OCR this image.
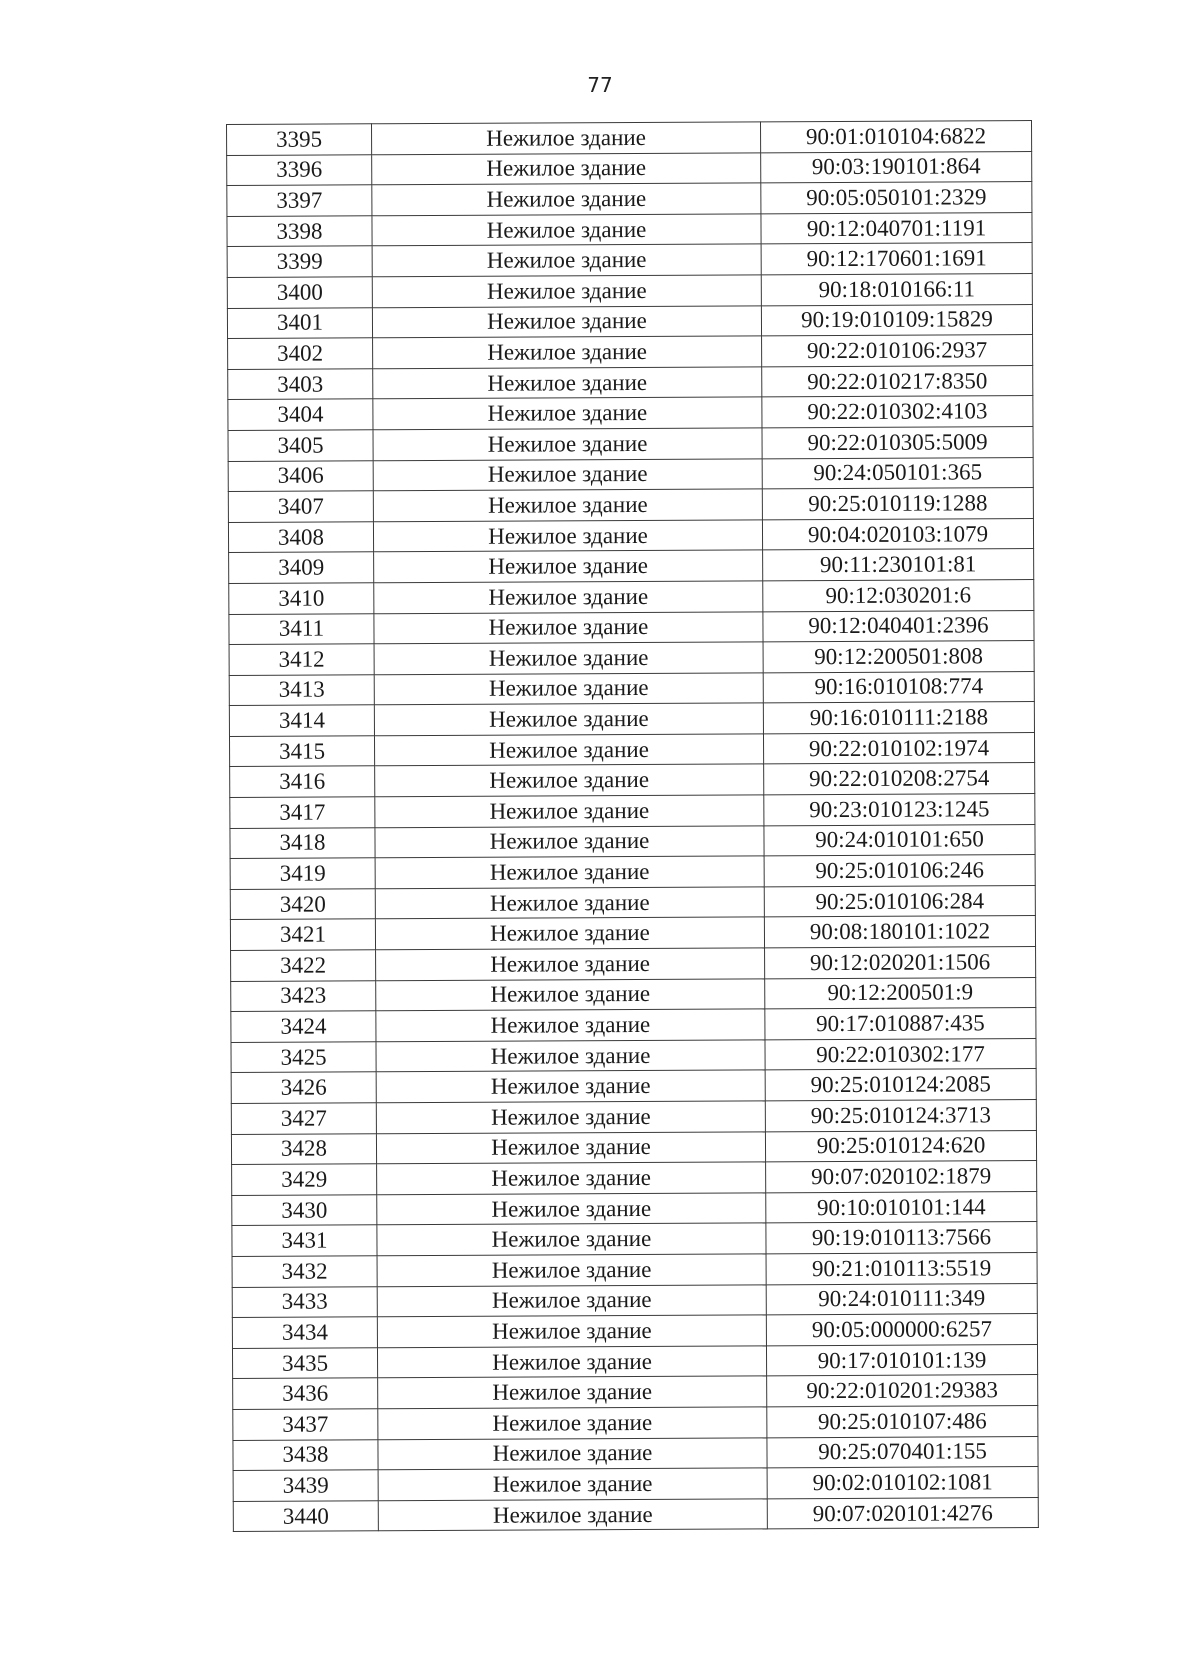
77
3395	Нежилое здание	90:01:010104:6822
3396	Нежилое здание	90:03:190101:864
3397	Нежилое здание	90:05:050101:2329
3398	Нежилое здание	90:12:040701:1191
3399	Нежилое здание	90:12:170601:1691
3400	Нежилое здание	90:18:010166:11
3401	Нежилое здание	90:19:010109:15829
3402	Нежилое здание	90:22:010106:2937
3403	Нежилое здание	90:22:010217:8350
3404	Нежилое здание	90:22:010302:4103
3405	Нежилое здание	90:22:010305:5009
3406	Нежилое здание	90:24:050101:365
3407	Нежилое здание	90:25:010119:1288
3408	Нежилое здание	90:04:020103:1079
3409	Нежилое здание	90:11:230101:81
3410	Нежилое здание	90:12:030201:6
3411	Нежилое здание	90:12:040401:2396
3412	Нежилое здание	90:12:200501:808
3413	Нежилое здание	90:16:010108:774
3414	Нежилое здание	90:16:010111:2188
3415	Нежилое здание	90:22:010102:1974
3416	Нежилое здание	90:22:010208:2754
3417	Нежилое здание	90:23:010123:1245
3418	Нежилое здание	90:24:010101:650
3419	Нежилое здание	90:25:010106:246
3420	Нежилое здание	90:25:010106:284
3421	Нежилое здание	90:08:180101:1022
3422	Нежилое здание	90:12:020201:1506
3423	Нежилое здание	90:12:200501:9
3424	Нежилое здание	90:17:010887:435
3425	Нежилое здание	90:22:010302:177
3426	Нежилое здание	90:25:010124:2085
3427	Нежилое здание	90:25:010124:3713
3428	Нежилое здание	90:25:010124:620
3429	Нежилое здание	90:07:020102:1879
3430	Нежилое здание	90:10:010101:144
3431	Нежилое здание	90:19:010113:7566
3432	Нежилое здание	90:21:010113:5519
3433	Нежилое здание	90:24:010111:349
3434	Нежилое здание	90:05:000000:6257
3435	Нежилое здание	90:17:010101:139
3436	Нежилое здание	90:22:010201:29383
3437	Нежилое здание	90:25:010107:486
3438	Нежилое здание	90:25:070401:155
3439	Нежилое здание	90:02:010102:1081
3440	Нежилое здание	90:07:020101:4276
